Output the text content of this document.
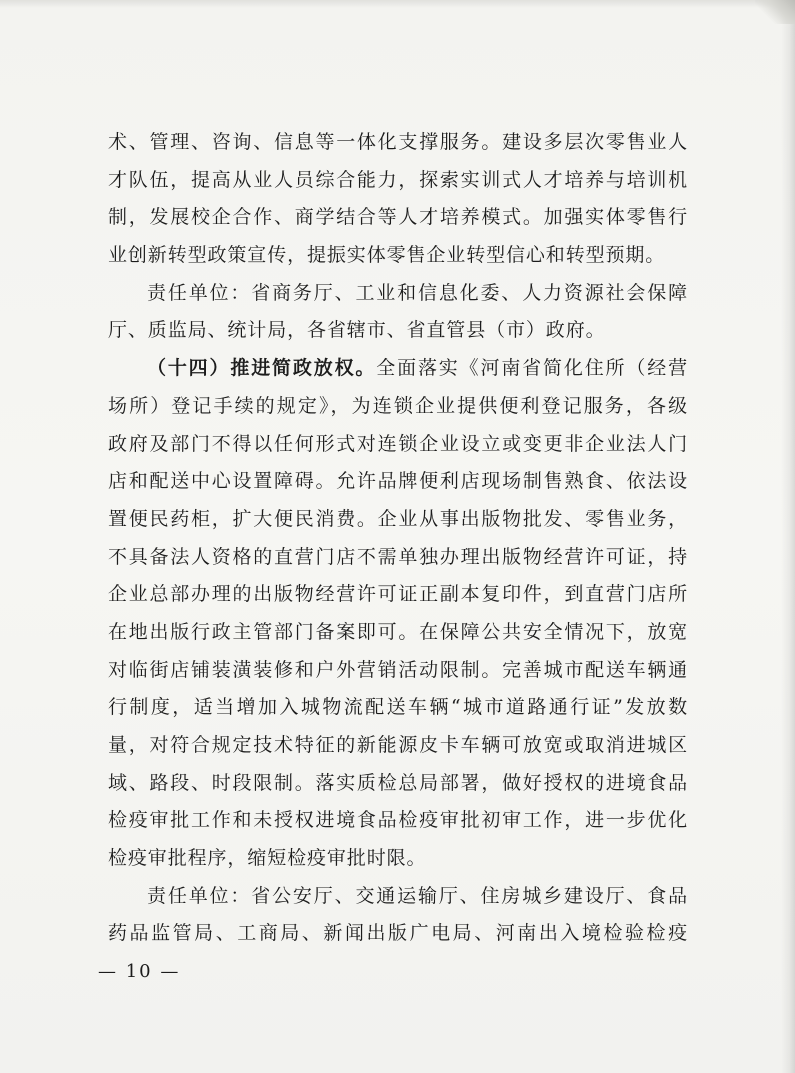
术、管理、咨询、信息等一体化支撑服务。建设多层次零售业人
才队伍，提高从业人员综合能力，探索实训式人才培养与培训机
制，发展校企合作、商学结合等人才培养模式。加强实体零售行
业创新转型政策宣传，提振实体零售企业转型信心和转型预期。
责任单位：省商务厅、工业和信息化委、人力资源社会保障
厅、质监局、统计局，各省辖市、省直管县（市）政府。
（十四）推进简政放权。全面落实《河南省简化住所（经营
场所）登记手续的规定》，为连锁企业提供便利登记服务，各级
政府及部门不得以任何形式对连锁企业设立或变更非企业法人门
店和配送中心设置障碍。允许品牌便利店现场制售熟食、依法设
置便民药柜，扩大便民消费。企业从事出版物批发、零售业务，
不具备法人资格的直营门店不需单独办理出版物经营许可证，持
企业总部办理的出版物经营许可证正副本复印件，到直营门店所
在地出版行政主管部门备案即可。在保障公共安全情况下，放宽
对临街店铺装潢装修和户外营销活动限制。完善城市配送车辆通
行制度，适当增加入城物流配送车辆“城市道路通行证”发放数
量，对符合规定技术特征的新能源皮卡车辆可放宽或取消进城区
域、路段、时段限制。落实质检总局部署，做好授权的进境食品
检疫审批工作和未授权进境食品检疫审批初审工作，进一步优化
检疫审批程序，缩短检疫审批时限。
责任单位：省公安厅、交通运输厅、住房城乡建设厅、食品
药品监管局、工商局、新闻出版广电局、河南出入境检验检疫
— 10 —
